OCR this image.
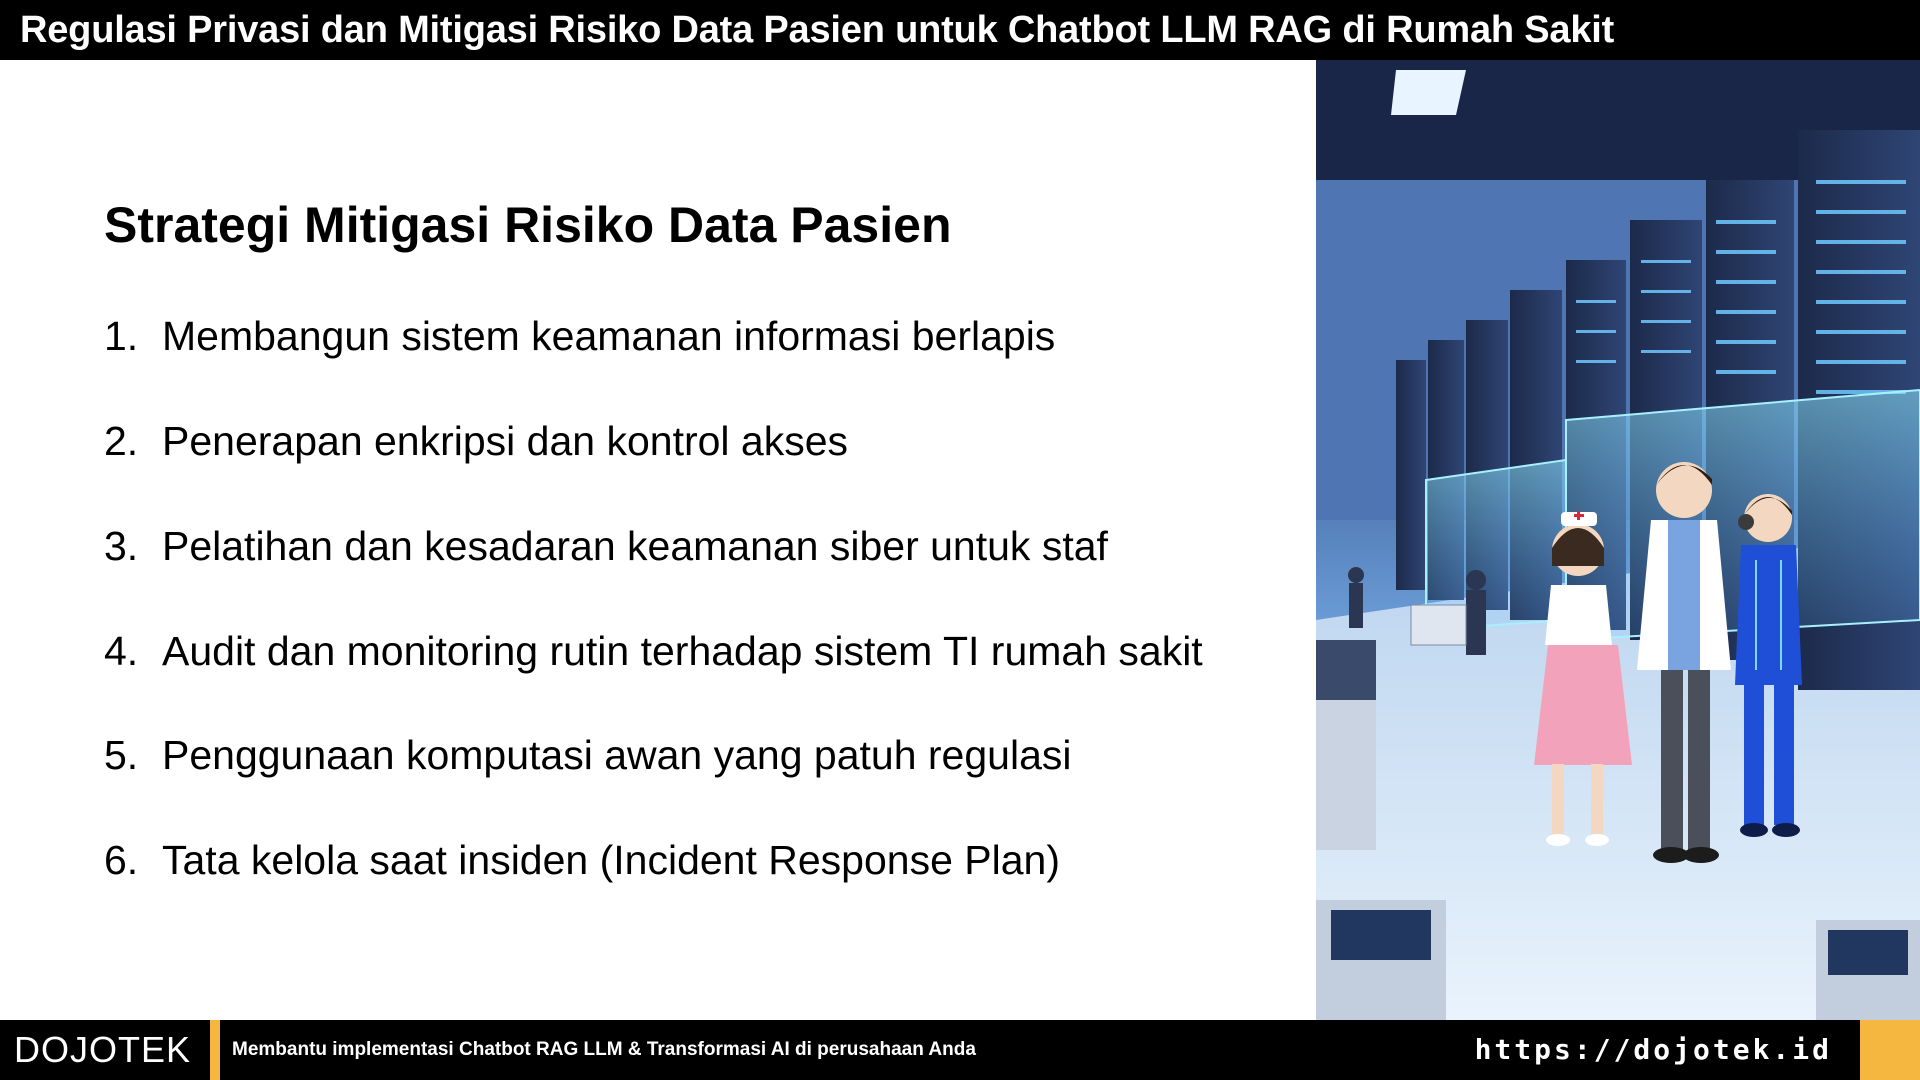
Regulasi Privasi dan Mitigasi Risiko Data Pasien untuk Chatbot LLM RAG di Rumah Sakit
Strategi Mitigasi Risiko Data Pasien
1. Membangun sistem keamanan informasi berlapis
2. Penerapan enkripsi dan kontrol akses
3. Pelatihan dan kesadaran keamanan siber untuk staf
4. Audit dan monitoring rutin terhadap sistem TI rumah sakit
5. Penggunaan komputasi awan yang patuh regulasi
6. Tata kelola saat insiden (Incident Response Plan)
DOJOTEK Membantu implementasi Chatbot RAG LLM & Transformasi AI di perusahaan Anda	https://dojotek.id
